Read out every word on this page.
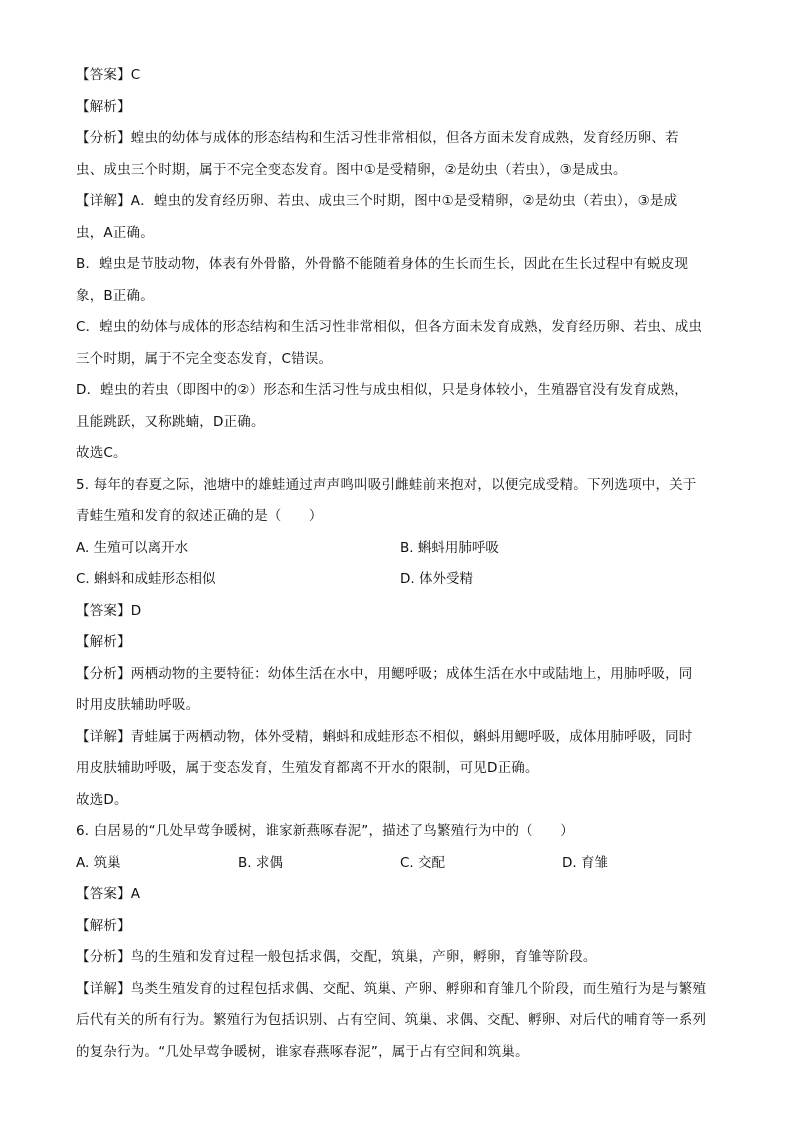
【答案】C
【解析】
【分析】蝗虫的幼体与成体的形态结构和生活习性非常相似，但各方面未发育成熟，发育经历卵、若
虫、成虫三个时期，属于不完全变态发育。图中①是受精卵，②是幼虫（若虫），③是成虫。
【详解】A．蝗虫的发育经历卵、若虫、成虫三个时期，图中①是受精卵，②是幼虫（若虫），③是成
虫，A正确。
B．蝗虫是节肢动物，体表有外骨骼，外骨骼不能随着身体的生长而生长，因此在生长过程中有蜕皮现
象，B正确。
C．蝗虫的幼体与成体的形态结构和生活习性非常相似，但各方面未发育成熟，发育经历卵、若虫、成虫
三个时期，属于不完全变态发育，C错误。
D．蝗虫的若虫（即图中的②）形态和生活习性与成虫相似，只是身体较小，生殖器官没有发育成熟，
且能跳跃，又称跳蝻，D正确。
故选C。
5. 每年的春夏之际，池塘中的雄蛙通过声声鸣叫吸引雌蛙前来抱对，以便完成受精。下列选项中，关于
青蛙生殖和发育的叙述正确的是（　　）
A. 生殖可以离开水	B. 蝌蚪用肺呼吸
C. 蝌蚪和成蛙形态相似	D. 体外受精
【答案】D
【解析】
【分析】两栖动物的主要特征：幼体生活在水中，用鳃呼吸；成体生活在水中或陆地上，用肺呼吸，同
时用皮肤辅助呼吸。
【详解】青蛙属于两栖动物，体外受精，蝌蚪和成蛙形态不相似，蝌蚪用鳃呼吸，成体用肺呼吸，同时
用皮肤辅助呼吸，属于变态发育，生殖发育都离不开水的限制，可见D正确。
故选D。
6. 白居易的“几处早莺争暖树，谁家新燕啄春泥”，描述了鸟繁殖行为中的（　　）
A. 筑巢	B. 求偶	C. 交配	D. 育雏
【答案】A
【解析】
【分析】鸟的生殖和发育过程一般包括求偶，交配，筑巢，产卵，孵卵，育雏等阶段。
【详解】鸟类生殖发育的过程包括求偶、交配、筑巢、产卵、孵卵和育雏几个阶段，而生殖行为是与繁殖
后代有关的所有行为。繁殖行为包括识别、占有空间、筑巢、求偶、交配、孵卵、对后代的哺育等一系列
的复杂行为。“几处早莺争暖树，谁家春燕啄春泥”，属于占有空间和筑巢。
